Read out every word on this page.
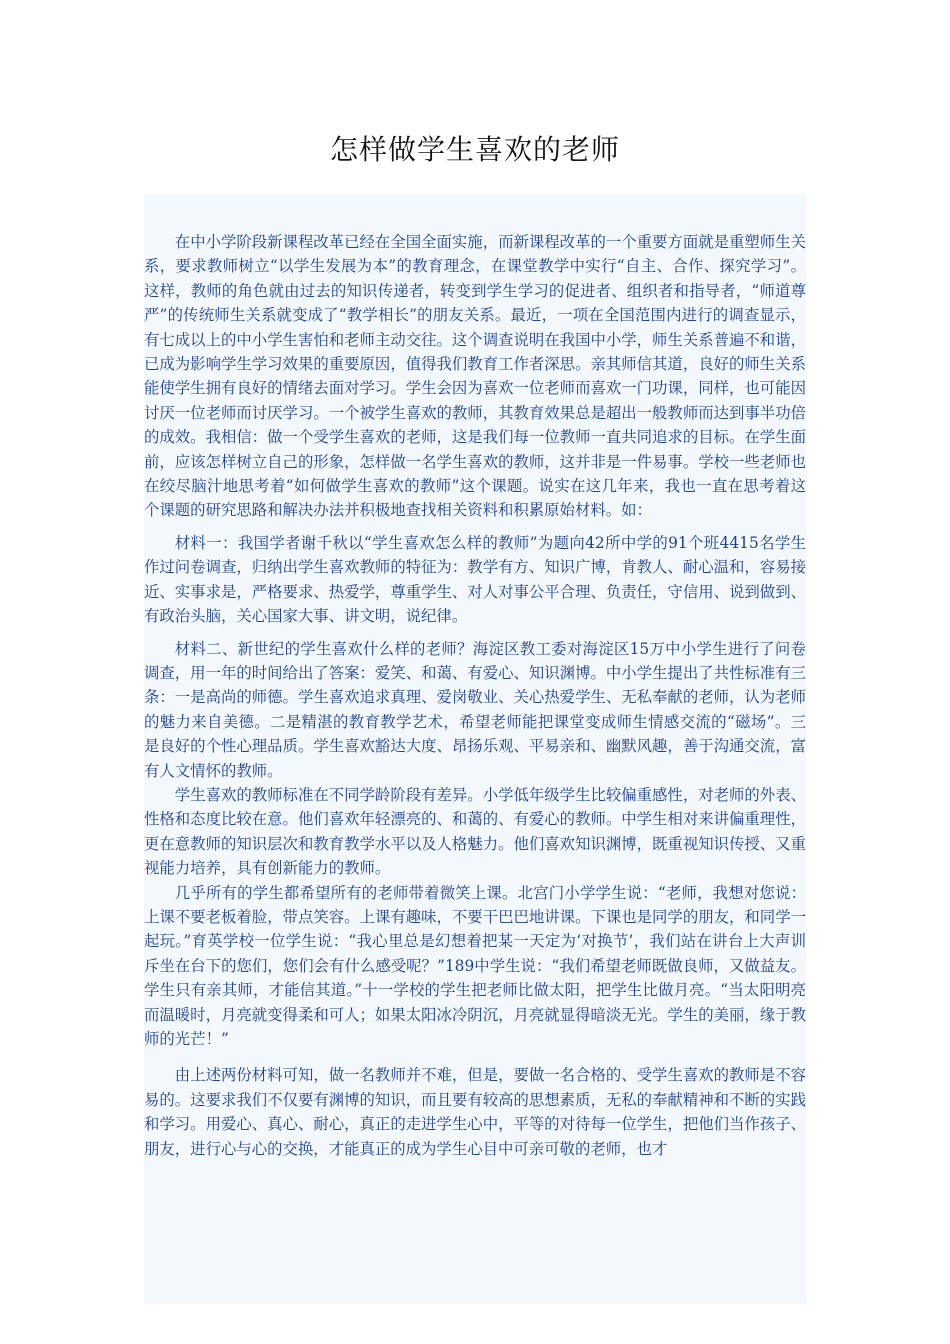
怎样做学生喜欢的老师

在中小学阶段新课程改革已经在全国全面实施，而新课程改革的一个重要方面就是重塑师生关系，要求教师树立“以学生发展为本”的教育理念，在课堂教学中实行“自主、合作、探究学习”。这样，教师的角色就由过去的知识传递者，转变到学生学习的促进者、组织者和指导者，“师道尊严”的传统师生关系就变成了“教学相长”的朋友关系。最近，一项在全国范围内进行的调查显示，有七成以上的中小学生害怕和老师主动交往。这个调查说明在我国中小学，师生关系普遍不和谐，已成为影响学生学习效果的重要原因，值得我们教育工作者深思。亲其师信其道，良好的师生关系能使学生拥有良好的情绪去面对学习。学生会因为喜欢一位老师而喜欢一门功课，同样，也可能因讨厌一位老师而讨厌学习。一个被学生喜欢的教师，其教育效果总是超出一般教师而达到事半功倍的成效。我相信：做一个受学生喜欢的老师，这是我们每一位教师一直共同追求的目标。在学生面前，应该怎样树立自己的形象，怎样做一名学生喜欢的教师，这并非是一件易事。学校一些老师也在绞尽脑汁地思考着“如何做学生喜欢的教师”这个课题。说实在这几年来，我也一直在思考着这个课题的研究思路和解决办法并积极地查找相关资料和积累原始材料。如：

材料一：我国学者谢千秋以“学生喜欢怎么样的教师”为题向42所中学的91个班4415名学生作过问卷调查，归纳出学生喜欢教师的特征为：教学有方、知识广博，肯教人、耐心温和，容易接近、实事求是，严格要求、热爱学，尊重学生、对人对事公平合理、负责任，守信用、说到做到、有政治头脑，关心国家大事、讲文明，说纪律。

材料二、新世纪的学生喜欢什么样的老师？海淀区教工委对海淀区15万中小学生进行了问卷调查，用一年的时间给出了答案：爱笑、和蔼、有爱心、知识渊博。中小学生提出了共性标准有三条：一是高尚的师德。学生喜欢追求真理、爱岗敬业、关心热爱学生、无私奉献的老师，认为老师的魅力来自美德。二是精湛的教育教学艺术，希望老师能把课堂变成师生情感交流的“磁场”。三是良好的个性心理品质。学生喜欢豁达大度、昂扬乐观、平易亲和、幽默风趣，善于沟通交流，富有人文情怀的教师。

学生喜欢的教师标准在不同学龄阶段有差异。小学低年级学生比较偏重感性，对老师的外表、性格和态度比较在意。他们喜欢年轻漂亮的、和蔼的、有爱心的教师。中学生相对来讲偏重理性，更在意教师的知识层次和教育教学水平以及人格魅力。他们喜欢知识渊博，既重视知识传授、又重视能力培养，具有创新能力的教师。

几乎所有的学生都希望所有的老师带着微笑上课。北宫门小学学生说：“老师，我想对您说：上课不要老板着脸，带点笑容。上课有趣味，不要干巴巴地讲课。下课也是同学的朋友，和同学一起玩。”育英学校一位学生说：“我心里总是幻想着把某一天定为‘对换节’，我们站在讲台上大声训斥坐在台下的您们，您们会有什么感受呢？”189中学生说：“我们希望老师既做良师，又做益友。学生只有亲其师，才能信其道。”十一学校的学生把老师比做太阳，把学生比做月亮。“当太阳明亮而温暖时，月亮就变得柔和可人；如果太阳冰冷阴沉，月亮就显得暗淡无光。学生的美丽，缘于教师的光芒！”

由上述两份材料可知，做一名教师并不难，但是，要做一名合格的、受学生喜欢的教师是不容易的。这要求我们不仅要有渊博的知识，而且要有较高的思想素质，无私的奉献精神和不断的实践和学习。用爱心、真心、耐心，真正的走进学生心中，平等的对待每一位学生，把他们当作孩子、朋友，进行心与心的交换，才能真正的成为学生心目中可亲可敬的老师，也才
